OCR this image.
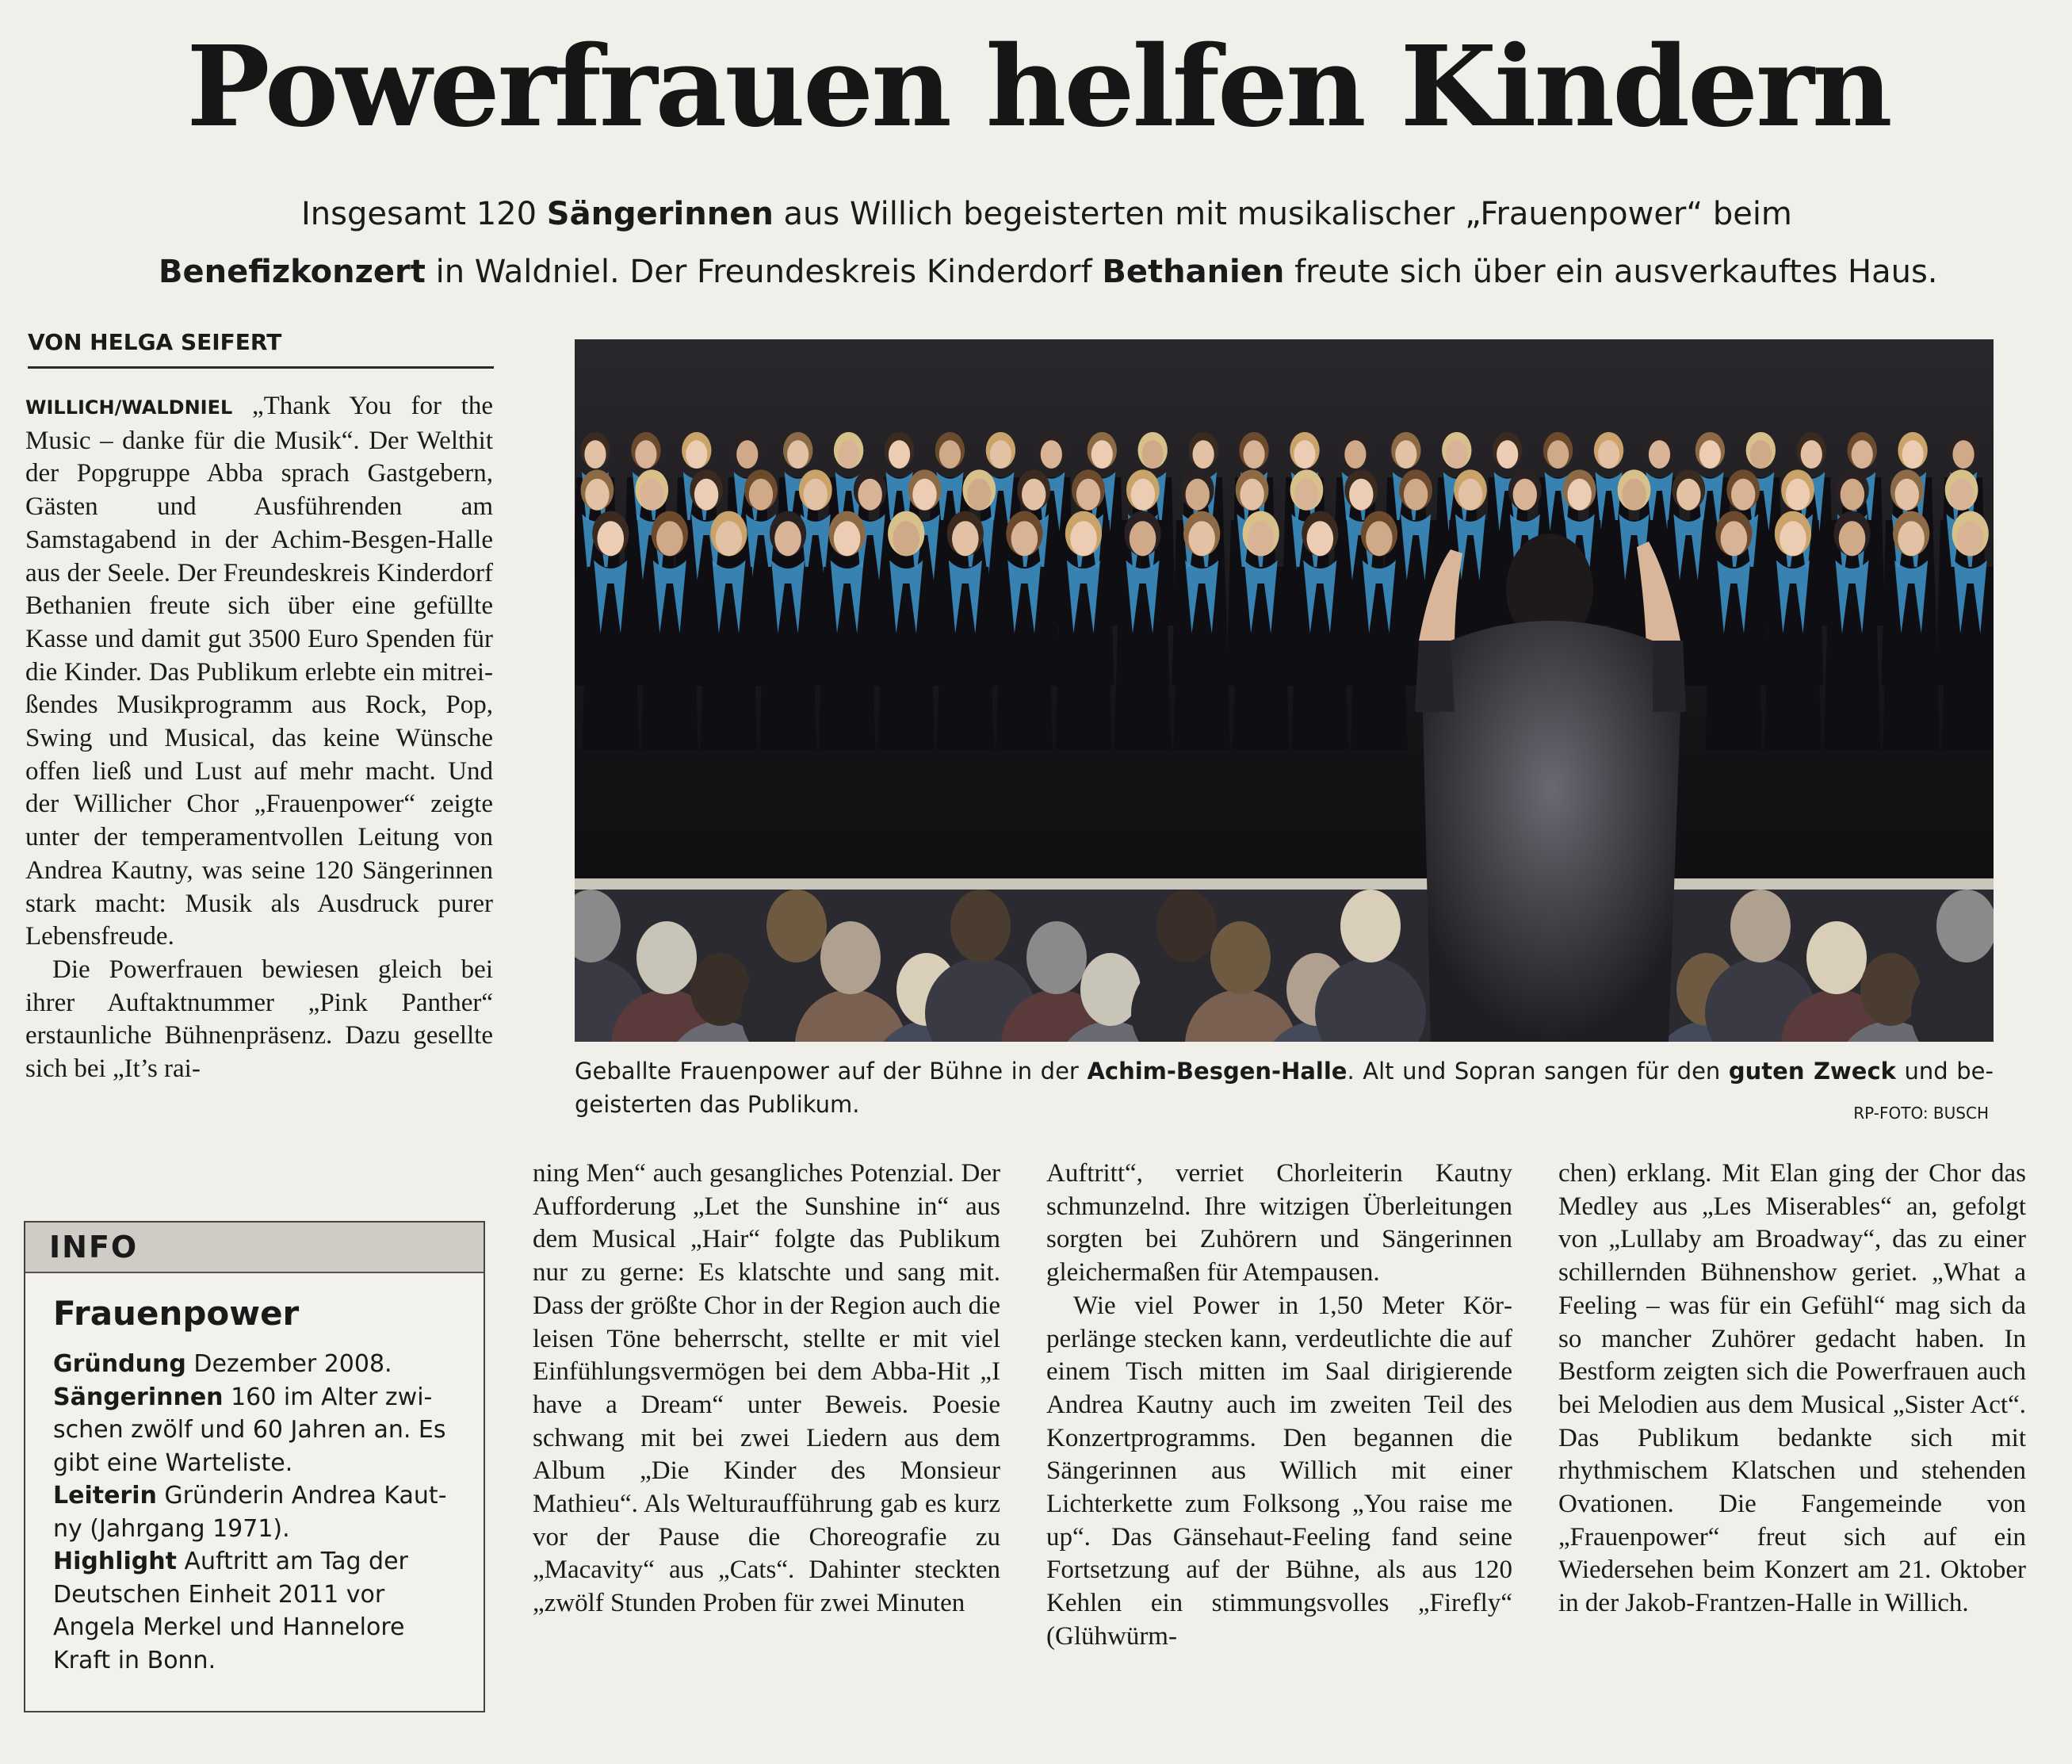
Powerfrauen helfen Kindern

Insgesamt 120 Sängerinnen aus Willich begeisterten mit musikalischer „Frauenpower“ beim

Benefizkonzert in Waldniel. Der Freundeskreis Kinderdorf Bethanien freute sich über ein ausverkauftes Haus.

VON HELGA SEIFERT

WILLICH/WALDNIEL „Thank You for the Music – danke für die Musik“. Der Welthit der Popgruppe Abba sprach Gastgebern, Gästen und Ausführenden am Samstagabend in der Achim-Besgen-Halle aus der Seele. Der Freundeskreis Kinderdorf Bethanien freute sich über eine gefüllte Kasse und damit gut 3500 Euro Spenden für die Kinder. Das Publikum erlebte ein mitreißendes Musikprogramm aus Rock, Pop, Swing und Musical, das keine Wünsche offen ließ und Lust auf mehr macht. Und der Willicher Chor „Frauenpower“ zeigte unter der temperamentvollen Leitung von Andrea Kautny, was seine 120 Sängerinnen stark macht: Musik als Ausdruck purer Lebensfreude.

Die Powerfrauen bewiesen gleich bei ihrer Auftaktnummer „Pink Panther“ erstaunliche Bühnenpräsenz. Dazu gesellte sich bei „It’s rai-	Geballte Frauenpower auf der Bühne in der Achim-Besgen-Halle. Alt und Sopran sangen für den guten Zweck und begeisterten das Publikum.	RP-FOTO: BUSCH

INFO

Frauenpower

Gründung Dezember 2008.
Sängerinnen 160 im Alter zwischen zwölf und 60 Jahren an. Es gibt eine Warteliste.
Leiterin Gründerin Andrea Kautny (Jahrgang 1971).
Highlight Auftritt am Tag der Deutschen Einheit 2011 vor Angela Merkel und Hannelore Kraft in Bonn.

ning Men“ auch gesangliches Potenzial. Der Aufforderung „Let the Sunshine in“ aus dem Musical „Hair“ folgte das Publikum nur zu gerne: Es klatschte und sang mit. Dass der größte Chor in der Region auch die leisen Töne beherrscht, stellte er mit viel Einfühlungsvermögen bei dem Abba-Hit „I have a Dream“ unter Beweis. Poesie schwang mit bei zwei Liedern aus dem Album „Die Kinder des Monsieur Mathieu“. Als Welturaufführung gab es kurz vor der Pause die Choreografie zu „Macavity“ aus „Cats“. Dahinter steckten „zwölf Stunden Proben für zwei Minuten

Auftritt“, verriet Chorleiterin Kautny schmunzelnd. Ihre witzigen Überleitungen sorgten bei Zuhörern und Sängerinnen gleichermaßen für Atempausen.

Wie viel Power in 1,50 Meter Körperlänge stecken kann, verdeutlichte die auf einem Tisch mitten im Saal dirigierende Andrea Kautny auch im zweiten Teil des Konzertprogramms. Den begannen die Sängerinnen aus Willich mit einer Lichterkette zum Folksong „You raise me up“. Das Gänsehaut-Feeling fand seine Fortsetzung auf der Bühne, als aus 120 Kehlen ein stimmungsvolles „Firefly“ (Glühwürm-

chen) erklang. Mit Elan ging der Chor das Medley aus „Les Miserables“ an, gefolgt von „Lullaby am Broadway“, das zu einer schillernden Bühnenshow geriet. „What a Feeling – was für ein Gefühl“ mag sich da so mancher Zuhörer gedacht haben. In Bestform zeigten sich die Powerfrauen auch bei Melodien aus dem Musical „Sister Act“. Das Publikum bedankte sich mit rhythmischem Klatschen und stehenden Ovationen. Die Fangemeinde von „Frauenpower“ freut sich auf ein Wiedersehen beim Konzert am 21. Oktober in der Jakob-Frantzen-Halle in Willich.
